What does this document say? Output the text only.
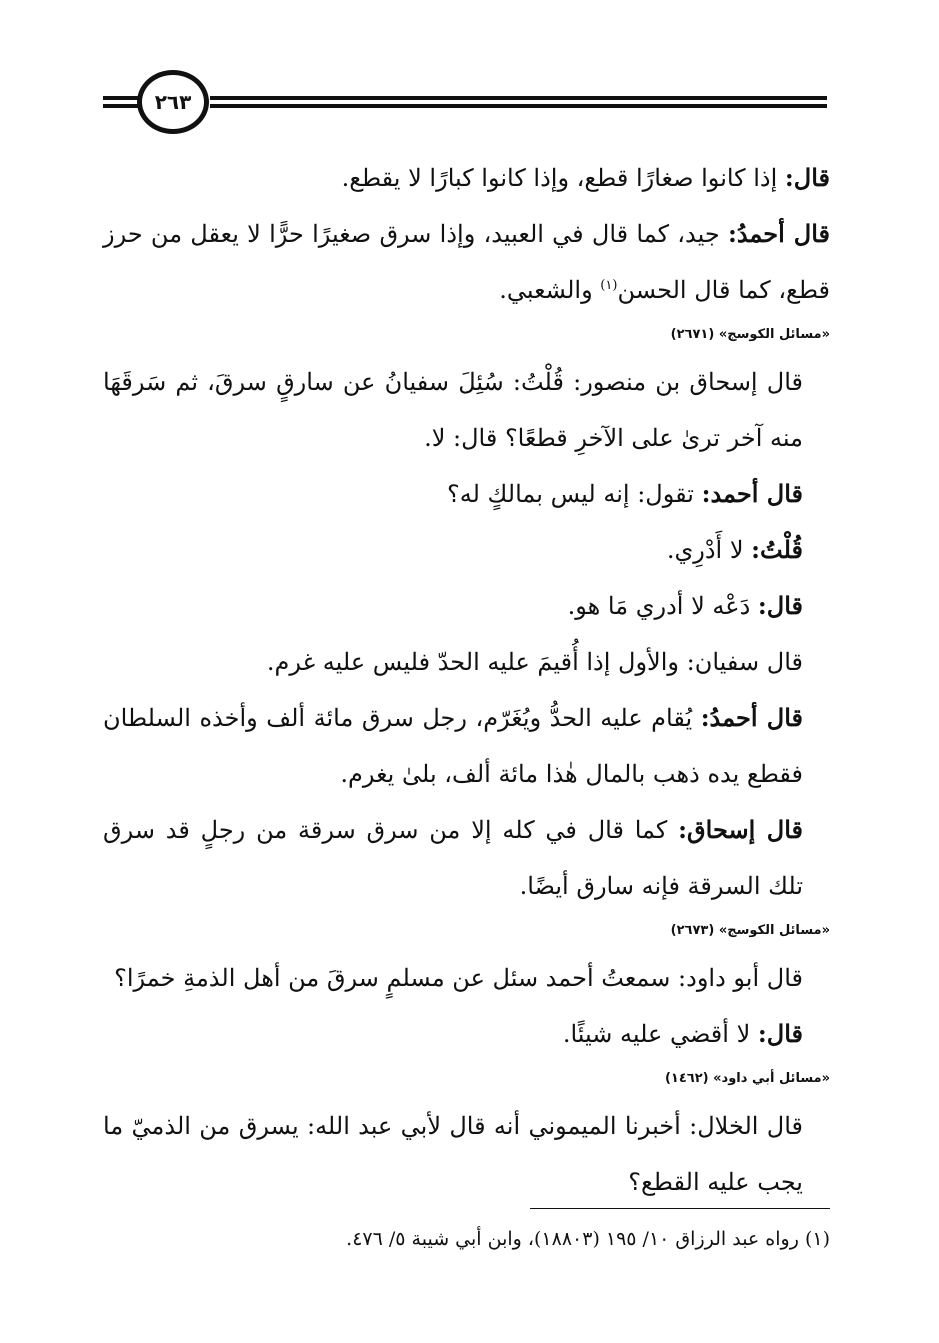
٢٦٣

قال: إذا كانوا صغارًا قطع، وإذا كانوا كبارًا لا يقطع.

قال أحمدُ: جيد، كما قال في العبيد، وإذا سرق صغيرًا حرًّا لا يعقل من حرز قطع، كما قال الحسن$^{(١)}$ والشعبي.

«مسائل الكوسج» (٢٦٧١)

قال إسحاق بن منصور: قُلْتُ: سُئِلَ سفيانُ عن سارقٍ سرقَ، ثم سَرقَهَا منه آخر ترىٰ على الآخرِ قطعًا؟ قال: لا.

قال أحمد: تقول: إنه ليس بمالكٍ له؟

قُلْتُ: لا أَدْرِي.

قال: دَعْه لا أدري مَا هو.

قال سفيان: والأول إذا أُقيمَ عليه الحدّ فليس عليه غرم.

قال أحمدُ: يُقام عليه الحدُّ ويُغَرّم، رجل سرق مائة ألف وأخذه السلطان فقطع يده ذهب بالمال هٰذا مائة ألف، بلىٰ يغرم.

قال إسحاق: كما قال في كله إلا من سرق سرقة من رجلٍ قد سرق تلك السرقة فإنه سارق أيضًا.

«مسائل الكوسج» (٢٦٧٣)

قال أبو داود: سمعتُ أحمد سئل عن مسلمٍ سرقَ من أهل الذمةِ خمرًا؟

قال: لا أقضي عليه شيئًا.

«مسائل أبي داود» (١٤٦٢)

قال الخلال: أخبرنا الميموني أنه قال لأبي عبد الله: يسرق من الذميّ ما يجب عليه القطع؟

(١) رواه عبد الرزاق ١٠/ ١٩٥ (١٨٨٠٣)، وابن أبي شيبة ٥/ ٤٧٦.
